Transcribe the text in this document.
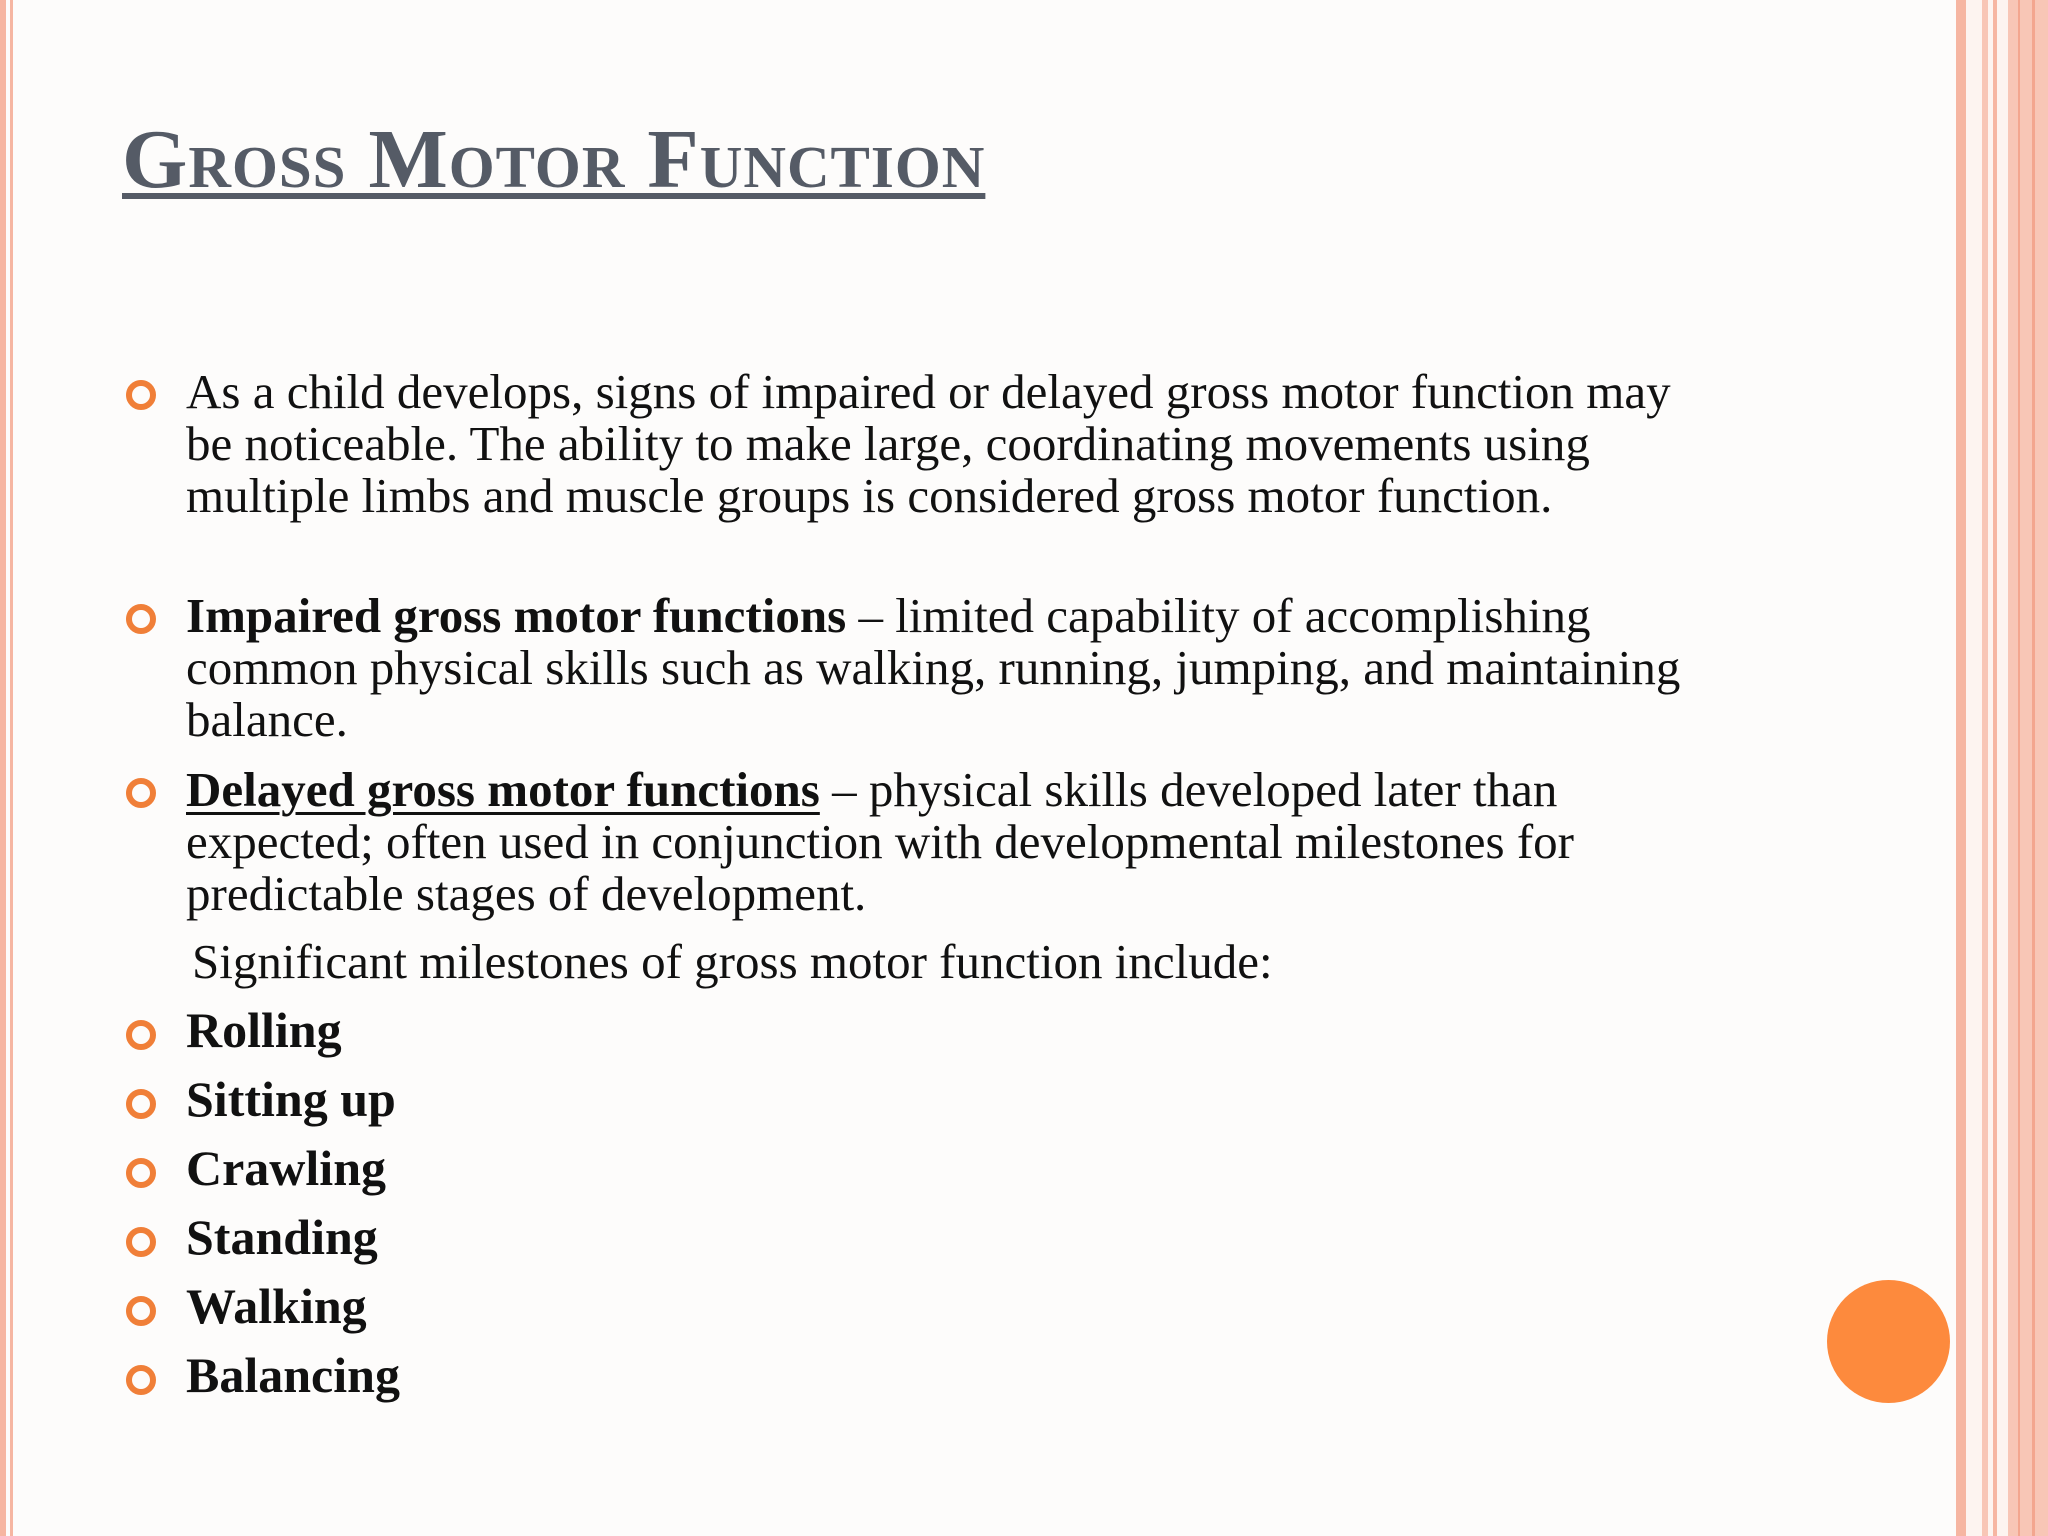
Gross Motor Function
As a child develops, signs of impaired or delayed gross motor function may be noticeable. The ability to make large, coordinating movements using multiple limbs and muscle groups is considered gross motor function.
Impaired gross motor functions – limited capability of accomplishing common physical skills such as walking, running, jumping, and maintaining balance.
Delayed gross motor functions – physical skills developed later than expected; often used in conjunction with developmental milestones for predictable stages of development.
Significant milestones of gross motor function include:
Rolling
Sitting up
Crawling
Standing
Walking
Balancing
